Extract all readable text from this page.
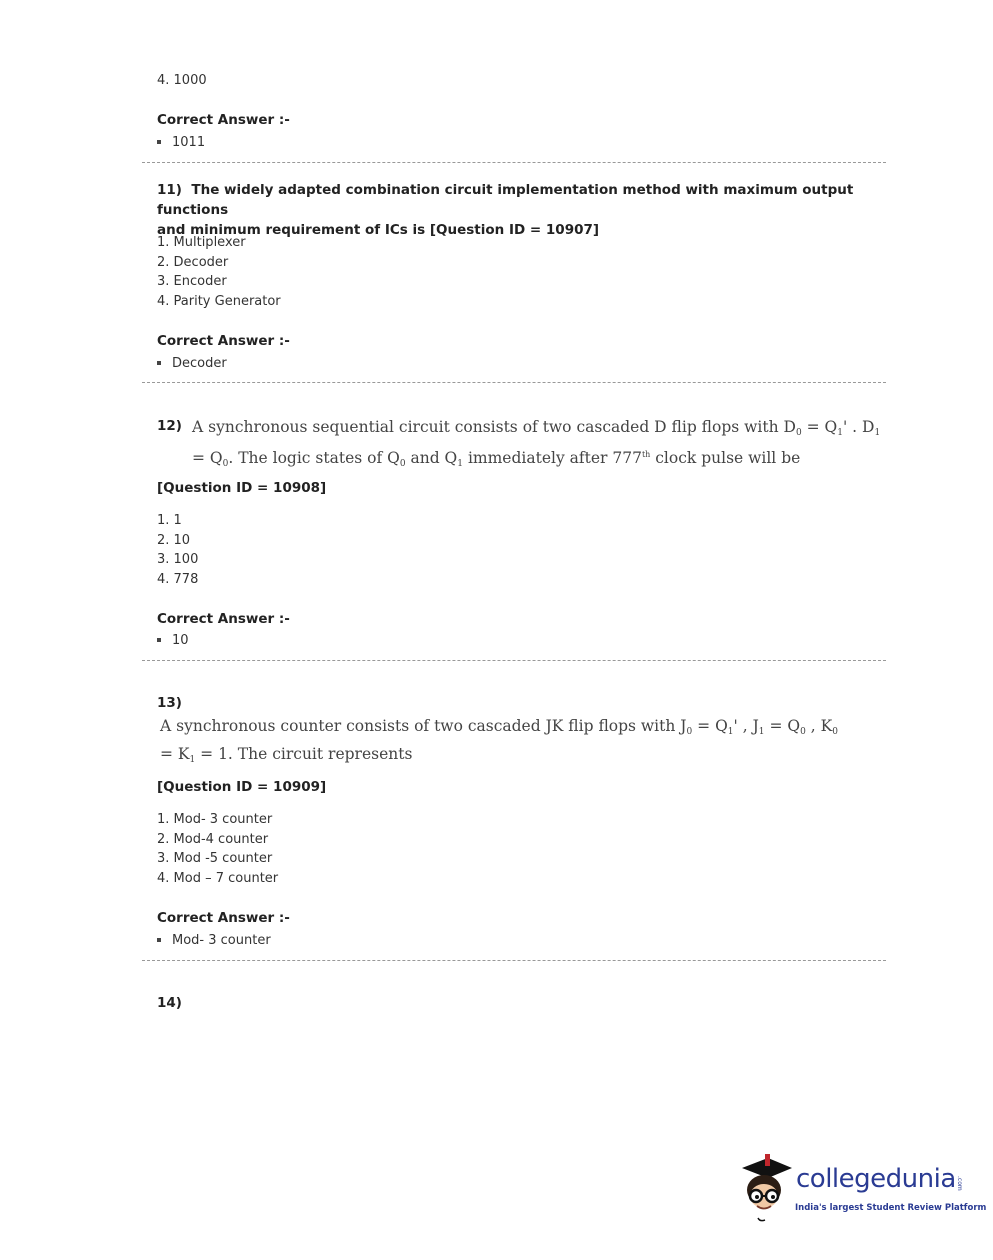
4. 1000
Correct Answer :-
1011
11) The widely adapted combination circuit implementation method with maximum output functions
and minimum requirement of ICs is [Question ID = 10907]
1. Multiplexer
2. Decoder
3. Encoder
4. Parity Generator
Correct Answer :-
Decoder
12) A synchronous sequential circuit consists of two cascaded D flip flops with $D_0 = Q_1'$ . $D_1$
= $Q_0$. The logic states of $Q_0$ and $Q_1$ immediately after 777th clock pulse will be
[Question ID = 10908]
1. 1
2. 10
3. 100
4. 778
Correct Answer :-
10
13)
A synchronous counter consists of two cascaded JK flip flops with $J_0 = Q_1'$ , $J_1 = Q_0$ , $K_0$
= $K_1 = 1$. The circuit represents
[Question ID = 10909]
1. Mod- 3 counter
2. Mod-4 counter
3. Mod -5 counter
4. Mod – 7 counter
Correct Answer :-
Mod- 3 counter
14)
collegedunia .com
India's largest Student Review Platform
